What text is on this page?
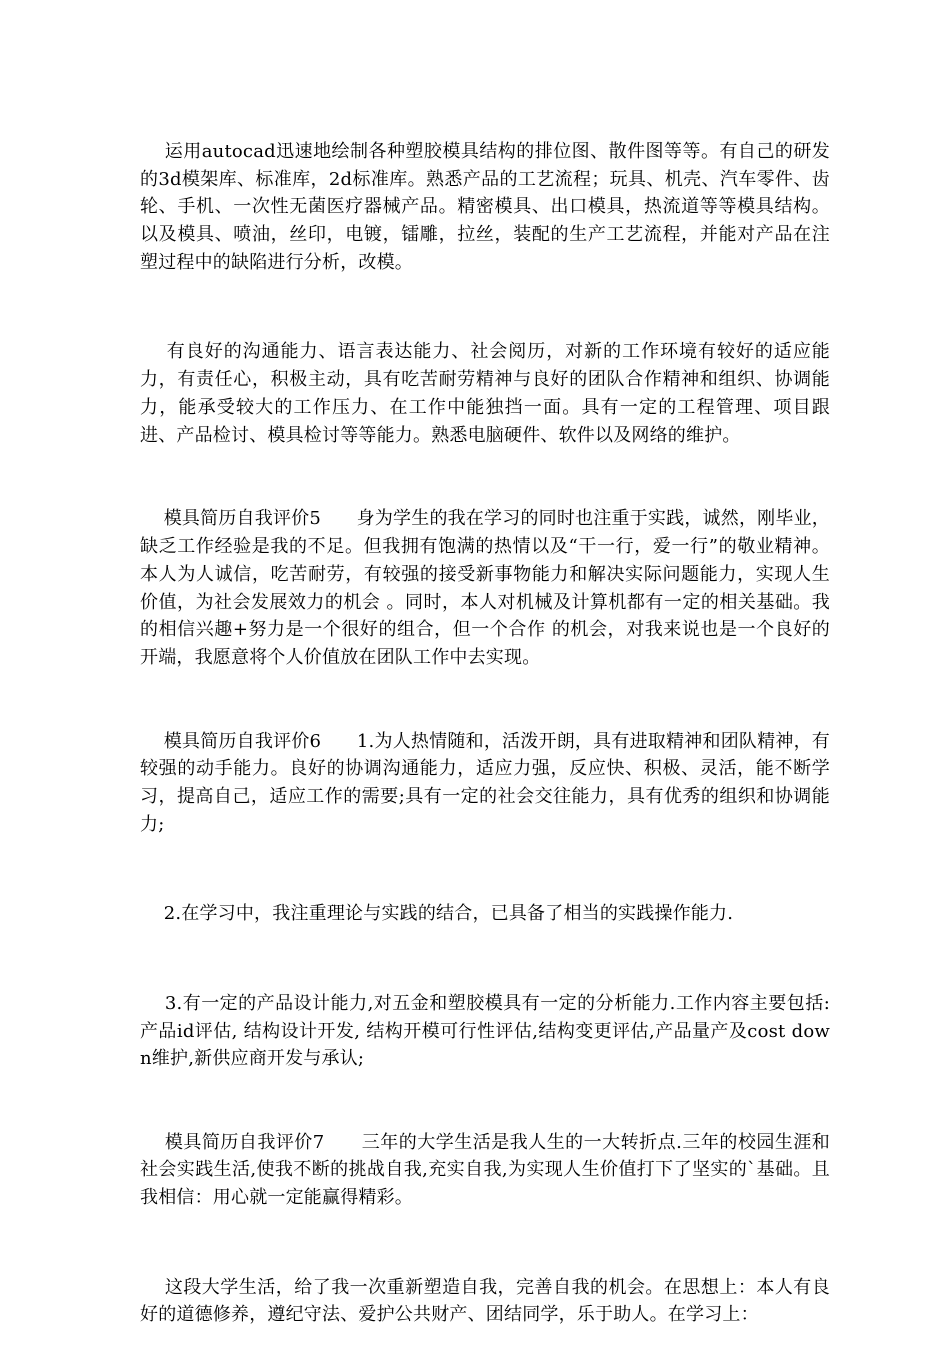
运用autocad迅速地绘制各种塑胶模具结构的排位图、散件图等等。有自己的研发的3d模架库、标准库，2d标准库。熟悉产品的工艺流程；玩具、机壳、汽车零件、齿轮、手机、一次性无菌医疗器械产品。精密模具、出口模具，热流道等等模具结构。以及模具、喷油，丝印，电镀，镭雕，拉丝，装配的生产工艺流程，并能对产品在注塑过程中的缺陷进行分析，改模。

有良好的沟通能力、语言表达能力、社会阅历，对新的工作环境有较好的适应能力，有责任心，积极主动，具有吃苦耐劳精神与良好的团队合作精神和组织、协调能力，能承受较大的工作压力、在工作中能独挡一面。具有一定的工程管理、项目跟进、产品检讨、模具检讨等等能力。熟悉电脑硬件、软件以及网络的维护。

模具简历自我评价5 身为学生的我在学习的同时也注重于实践，诚然，刚毕业，缺乏工作经验是我的不足。但我拥有饱满的热情以及“干一行，爱一行”的敬业精神。本人为人诚信，吃苦耐劳，有较强的接受新事物能力和解决实际问题能力，实现人生价值，为社会发展效力的机会 。同时，本人对机械及计算机都有一定的相关基础。我的相信兴趣+努力是一个很好的组合，但一个合作 的机会，对我来说也是一个良好的开端，我愿意将个人价值放在团队工作中去实现。

模具简历自我评价6 1.为人热情随和，活泼开朗，具有进取精神和团队精神，有较强的动手能力。良好的协调沟通能力，适应力强，反应快、积极、灵活，能不断学习，提高自己，适应工作的需要;具有一定的社会交往能力，具有优秀的组织和协调能力;

2.在学习中，我注重理论与实践的结合，已具备了相当的实践操作能力.

3.有一定的产品设计能力,对五金和塑胶模具有一定的分析能力.工作内容主要包括:产品id评估, 结构设计开发, 结构开模可行性评估,结构变更评估,产品量产及cost down维护,新供应商开发与承认;

模具简历自我评价7 三年的大学生活是我人生的一大转折点.三年的校园生涯和社会实践生活,使我不断的挑战自我,充实自我,为实现人生价值打下了坚实的`基础。且我相信：用心就一定能赢得精彩。

这段大学生活，给了我一次重新塑造自我，完善自我的机会。在思想上：本人有良好的道德修养，遵纪守法、爱护公共财产、团结同学，乐于助人。在学习上：
